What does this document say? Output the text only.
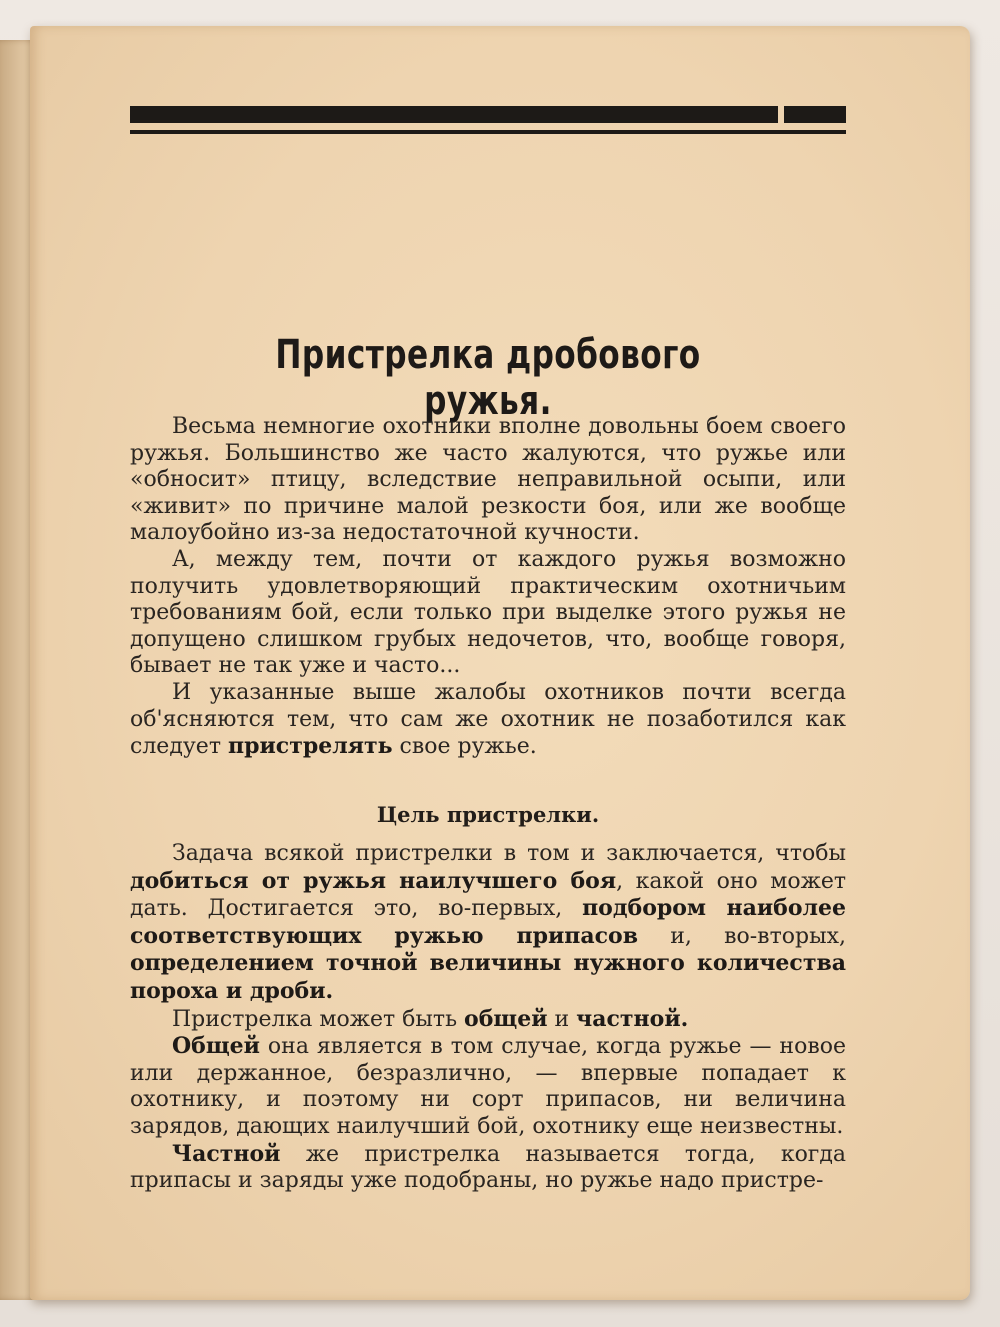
Пристрелка дробового ружья.

Весьма немногие охотники вполне довольны боем своего ружья. Большинство же часто жалуются, что ружье или «обносит» птицу, вследствие неправильной осыпи, или «живит» по причине малой резкости боя, или же вообще малоубойно из-за недостаточной кучности.

А, между тем, почти от каждого ружья возможно получить удовлетворяющий практическим охотничьим требованиям бой, если только при выделке этого ружья не допущено слишком грубых недочетов, что, вообще говоря, бывает не так уже и часто...

И указанные выше жалобы охотников почти всегда об'ясняются тем, что сам же охотник не позаботился как следует пристрелять свое ружье.

Цель пристрелки.

Задача всякой пристрелки в том и заключается, чтобы добиться от ружья наилучшего боя, какой оно может дать. Достигается это, во-первых, подбором наиболее соответствующих ружью припасов и, во-вторых, определением точной величины нужного количества пороха и дроби.

Пристрелка может быть общей и частной.

Общей она является в том случае, когда ружье — новое или держанное, безразлично, — впервые попадает к охотнику, и поэтому ни сорт припасов, ни величина зарядов, дающих наилучший бой, охотнику еще неизвестны.

Частной же пристрелка называется тогда, когда припасы и заряды уже подобраны, но ружье надо пристре-
